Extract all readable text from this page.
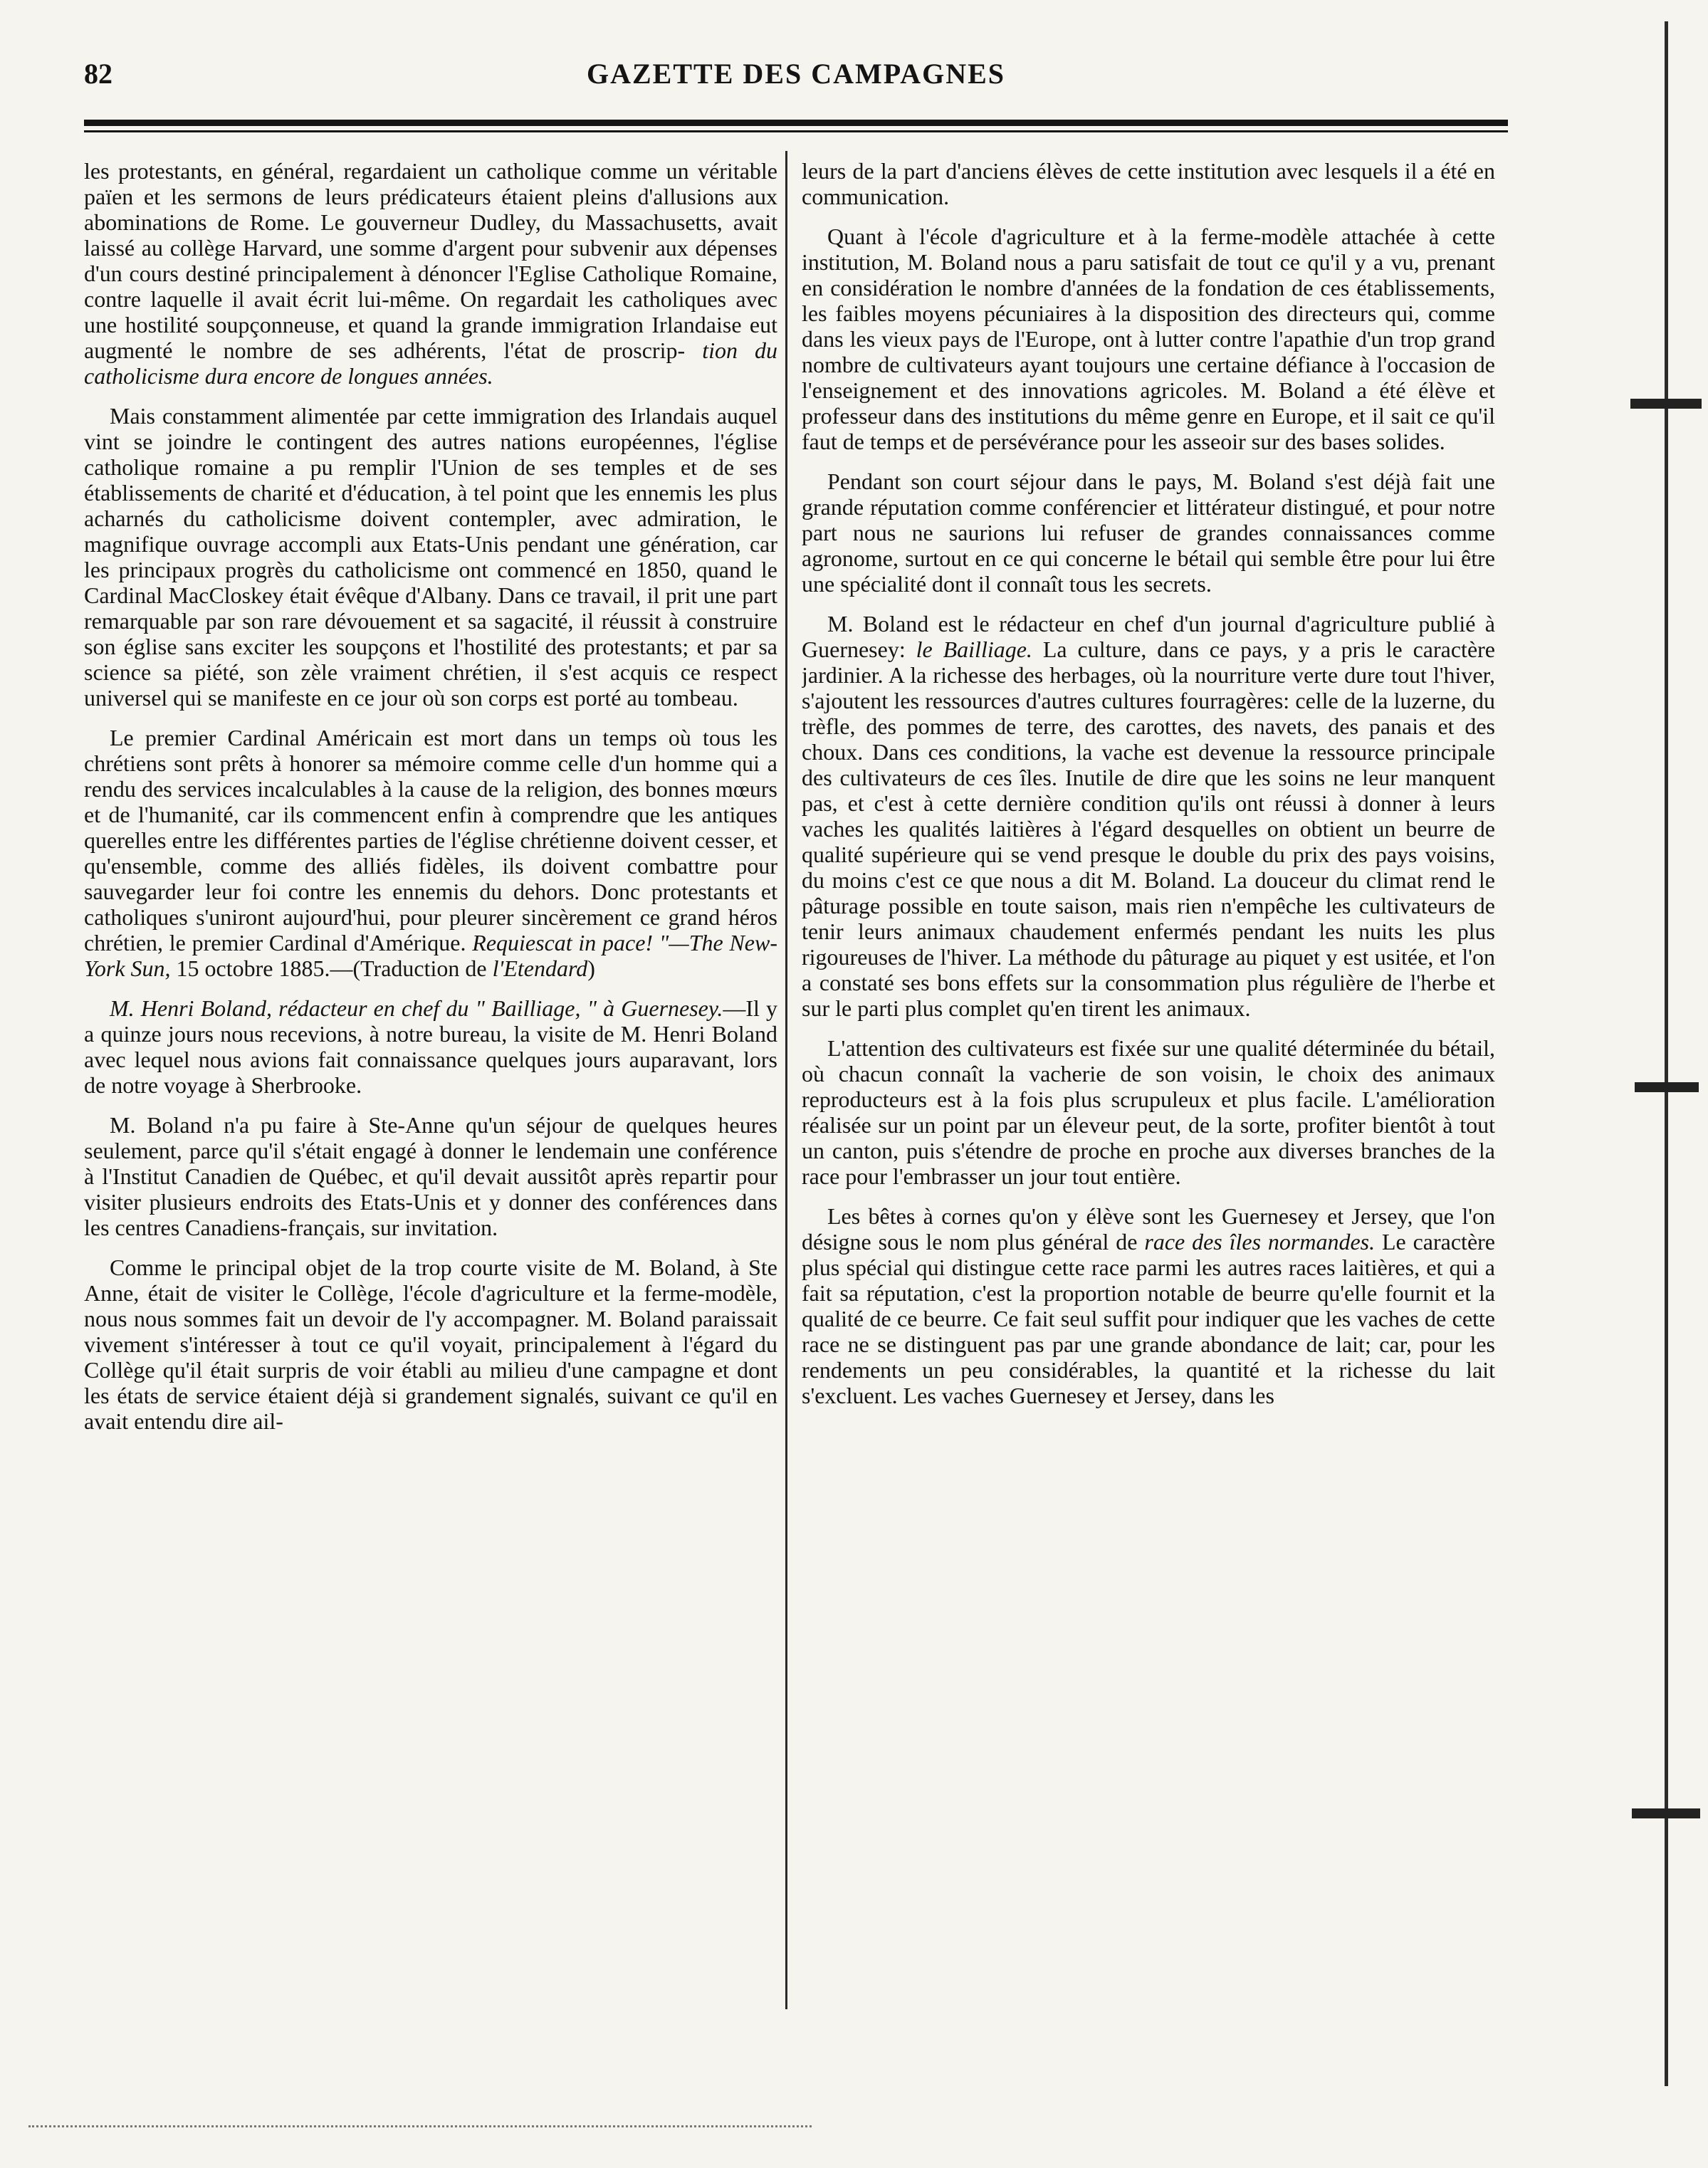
82	GAZETTE DES CAMPAGNES

les protestants, en général, regardaient un catholique comme un véritable païen et les sermons de leurs prédicateurs étaient pleins d'allusions aux abominations de Rome. Le gouverneur Dudley, du Massachusetts, avait laissé au collège Harvard, une somme d'argent pour subvenir aux dépenses d'un cours destiné principalement à dénoncer l'Eglise Catholique Romaine, contre laquelle il avait écrit lui-même. On regardait les catholiques avec une hostilité soupçonneuse, et quand la grande immigration Irlandaise eut augmenté le nombre de ses adhérents, l'état de proscrip- tion du catholicisme dura encore de longues années.

Mais constamment alimentée par cette immigration des Irlandais auquel vint se joindre le contingent des autres nations européennes, l'église catholique romaine a pu remplir l'Union de ses temples et de ses établissements de charité et d'éducation, à tel point que les ennemis les plus acharnés du catholicisme doivent contempler, avec admiration, le magnifique ouvrage accompli aux Etats-Unis pendant une génération, car les principaux progrès du catholicisme ont commencé en 1850, quand le Cardinal MacCloskey était évêque d'Albany. Dans ce travail, il prit une part remarquable par son rare dévouement et sa sagacité, il réussit à construire son église sans exciter les soupçons et l'hostilité des protestants; et par sa science sa piété, son zèle vraiment chrétien, il s'est acquis ce respect universel qui se manifeste en ce jour où son corps est porté au tombeau.

Le premier Cardinal Américain est mort dans un temps où tous les chrétiens sont prêts à honorer sa mémoire comme celle d'un homme qui a rendu des services incalculables à la cause de la religion, des bonnes mœurs et de l'humanité, car ils commencent enfin à comprendre que les antiques querelles entre les différentes parties de l'église chrétienne doivent cesser, et qu'ensemble, comme des alliés fidèles, ils doivent combattre pour sauvegarder leur foi contre les ennemis du dehors. Donc protestants et catholiques s'uniront aujourd'hui, pour pleurer sincèrement ce grand héros chrétien, le premier Cardinal d'Amérique. Requiescat in pace! "—The New-York Sun, 15 octobre 1885.—(Traduction de l'Etendard)

M. Henri Boland, rédacteur en chef du " Bailliage, " à Guernesey.—Il y a quinze jours nous recevions, à notre bureau, la visite de M. Henri Boland avec lequel nous avions fait connaissance quelques jours auparavant, lors de notre voyage à Sherbrooke.

M. Boland n'a pu faire à Ste-Anne qu'un séjour de quelques heures seulement, parce qu'il s'était engagé à donner le lendemain une conférence à l'Institut Canadien de Québec, et qu'il devait aussitôt après repartir pour visiter plusieurs endroits des Etats-Unis et y donner des conférences dans les centres Canadiens-français, sur invitation.

Comme le principal objet de la trop courte visite de M. Boland, à Ste Anne, était de visiter le Collège, l'école d'agriculture et la ferme-modèle, nous nous sommes fait un devoir de l'y accompagner. M. Boland paraissait vivement s'intéresser à tout ce qu'il voyait, principalement à l'égard du Collège qu'il était surpris de voir établi au milieu d'une campagne et dont les états de service étaient déjà si grandement signalés, suivant ce qu'il en avait entendu dire ail-

leurs de la part d'anciens élèves de cette institution avec lesquels il a été en communication.

Quant à l'école d'agriculture et à la ferme-modèle attachée à cette institution, M. Boland nous a paru satisfait de tout ce qu'il y a vu, prenant en considération le nombre d'années de la fondation de ces établissements, les faibles moyens pécuniaires à la disposition des directeurs qui, comme dans les vieux pays de l'Europe, ont à lutter contre l'apathie d'un trop grand nombre de cultivateurs ayant toujours une certaine défiance à l'occasion de l'enseignement et des innovations agricoles. M. Boland a été élève et professeur dans des institutions du même genre en Europe, et il sait ce qu'il faut de temps et de persévérance pour les asseoir sur des bases solides.

Pendant son court séjour dans le pays, M. Boland s'est déjà fait une grande réputation comme conférencier et littérateur distingué, et pour notre part nous ne saurions lui refuser de grandes connaissances comme agronome, surtout en ce qui concerne le bétail qui semble être pour lui être une spécialité dont il connaît tous les secrets.

M. Boland est le rédacteur en chef d'un journal d'agriculture publié à Guernesey: le Bailliage. La culture, dans ce pays, y a pris le caractère jardinier. A la richesse des herbages, où la nourriture verte dure tout l'hiver, s'ajoutent les ressources d'autres cultures fourragères: celle de la luzerne, du trèfle, des pommes de terre, des carottes, des navets, des panais et des choux. Dans ces conditions, la vache est devenue la ressource principale des cultivateurs de ces îles. Inutile de dire que les soins ne leur manquent pas, et c'est à cette dernière condition qu'ils ont réussi à donner à leurs vaches les qualités laitières à l'égard desquelles on obtient un beurre de qualité supérieure qui se vend presque le double du prix des pays voisins, du moins c'est ce que nous a dit M. Boland. La douceur du climat rend le pâturage possible en toute saison, mais rien n'empêche les cultivateurs de tenir leurs animaux chaudement enfermés pendant les nuits les plus rigoureuses de l'hiver. La méthode du pâturage au piquet y est usitée, et l'on a constaté ses bons effets sur la consommation plus régulière de l'herbe et sur le parti plus complet qu'en tirent les animaux.

L'attention des cultivateurs est fixée sur une qualité déterminée du bétail, où chacun connaît la vacherie de son voisin, le choix des animaux reproducteurs est à la fois plus scrupuleux et plus facile. L'amélioration réalisée sur un point par un éleveur peut, de la sorte, profiter bientôt à tout un canton, puis s'étendre de proche en proche aux diverses branches de la race pour l'embrasser un jour tout entière.

Les bêtes à cornes qu'on y élève sont les Guernesey et Jersey, que l'on désigne sous le nom plus général de race des îles normandes. Le caractère plus spécial qui distingue cette race parmi les autres races laitières, et qui a fait sa réputation, c'est la proportion notable de beurre qu'elle fournit et la qualité de ce beurre. Ce fait seul suffit pour indiquer que les vaches de cette race ne se distinguent pas par une grande abondance de lait; car, pour les rendements un peu considérables, la quantité et la richesse du lait s'excluent. Les vaches Guernesey et Jersey, dans les
